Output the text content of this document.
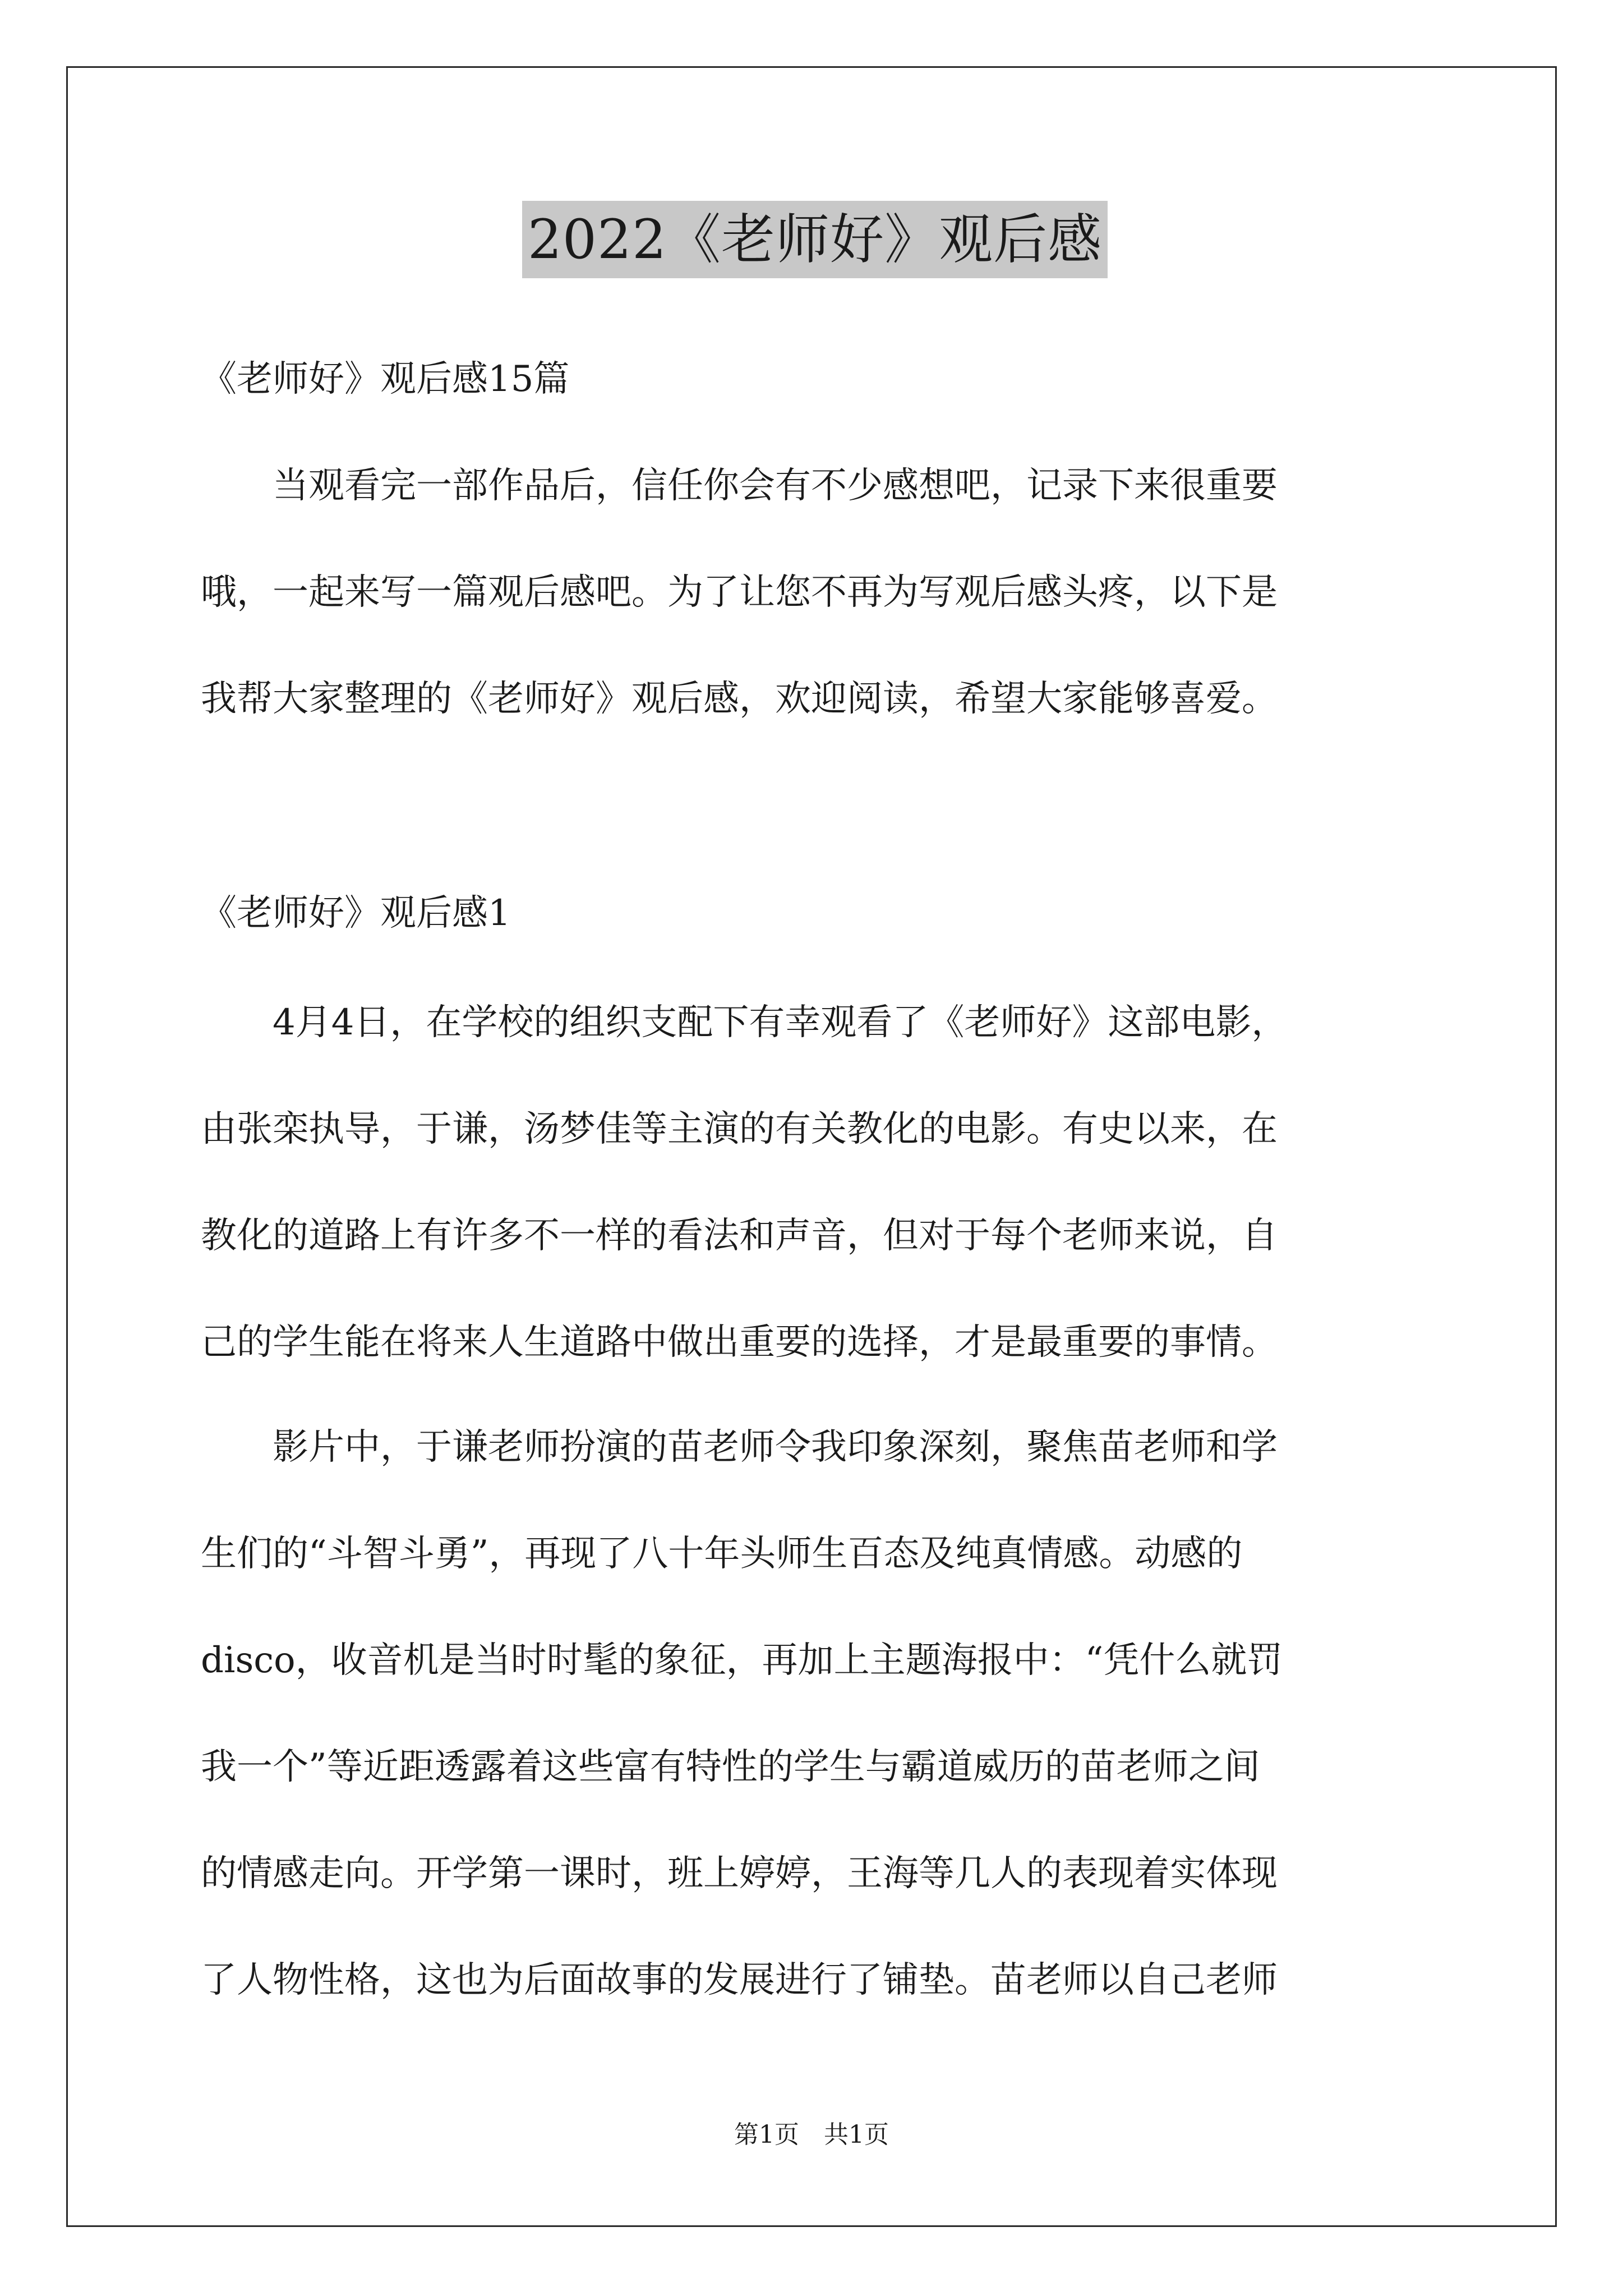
2022《老师好》观后感
《老师好》观后感15篇
　　当观看完一部作品后，信任你会有不少感想吧，记录下来很重要
哦，一起来写一篇观后感吧。为了让您不再为写观后感头疼，以下是
我帮大家整理的《老师好》观后感，欢迎阅读，希望大家能够喜爱。
《老师好》观后感1
　　4月4日，在学校的组织支配下有幸观看了《老师好》这部电影，
由张栾执导，于谦，汤梦佳等主演的有关教化的电影。有史以来，在
教化的道路上有许多不一样的看法和声音，但对于每个老师来说，自
己的学生能在将来人生道路中做出重要的选择，才是最重要的事情。
　　影片中，于谦老师扮演的苗老师令我印象深刻，聚焦苗老师和学
生们的“斗智斗勇”，再现了八十年头师生百态及纯真情感。动感的
disco，收音机是当时时髦的象征，再加上主题海报中：“凭什么就罚
我一个”等近距透露着这些富有特性的学生与霸道威历的苗老师之间
的情感走向。开学第一课时，班上婷婷，王海等几人的表现着实体现
了人物性格，这也为后面故事的发展进行了铺垫。苗老师以自己老师
第1页　共1页
